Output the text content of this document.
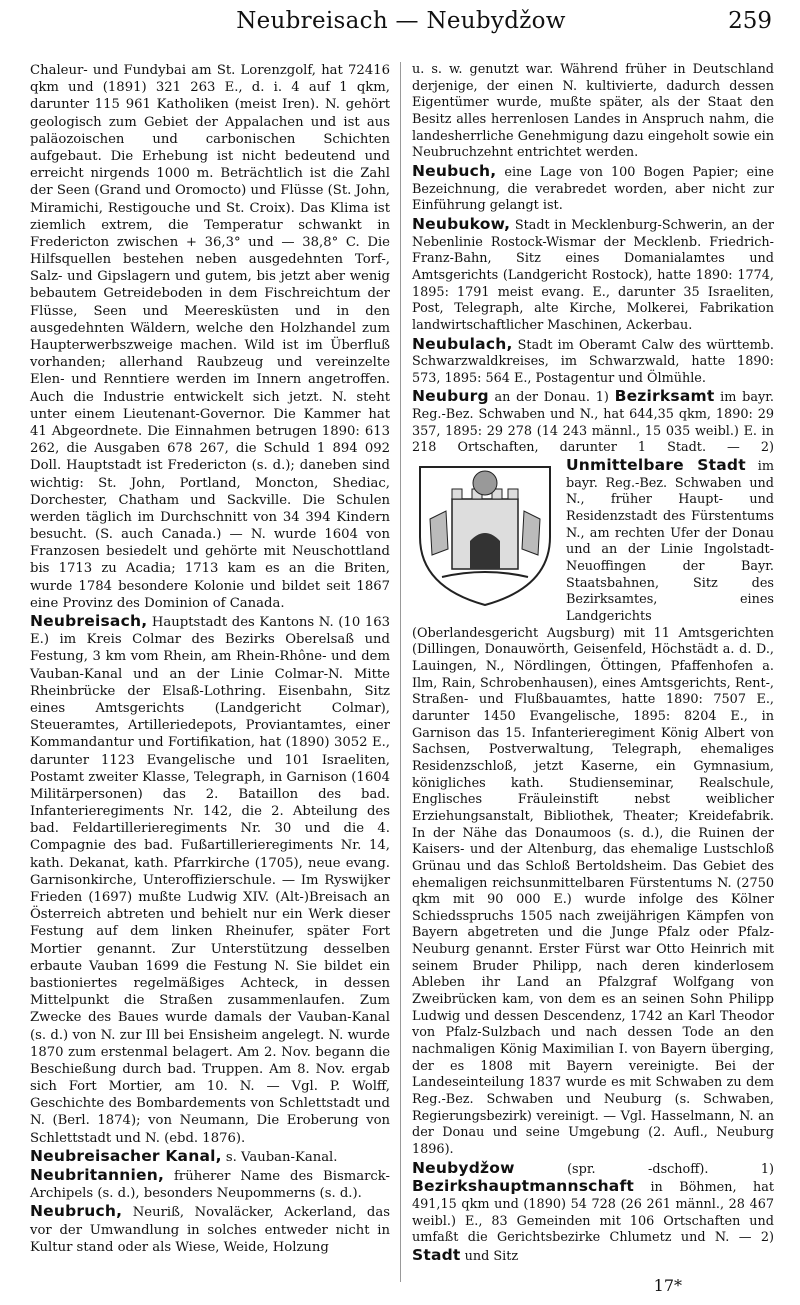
Neubreisach — Neubydžow	259

Chaleur- und Fundybai am St. Lorenzgolf, hat 72416 qkm und (1891) 321 263 E., d. i. 4 auf 1 qkm, darunter 115 961 Katholiken (meist Iren). N. gehört geologisch zum Gebiet der Appalachen und ist aus paläozoischen und carbonischen Schichten aufgebaut. Die Erhebung ist nicht bedeutend und erreicht nirgends 1000 m. Beträchtlich ist die Zahl der Seen (Grand und Oromocto) und Flüsse (St. John, Miramichi, Restigouche und St. Croix). Das Klima ist ziemlich extrem, die Temperatur schwankt in Fredericton zwischen + 36,3° und — 38,8° C. Die Hilfsquellen bestehen neben ausgedehnten Torf-, Salz- und Gipslagern und gutem, bis jetzt aber wenig bebautem Getreideboden in dem Fischreichtum der Flüsse, Seen und Meeresküsten und in den ausgedehnten Wäldern, welche den Holzhandel zum Haupterwerbszweige machen. Wild ist im Überfluß vorhanden; allerhand Raubzeug und vereinzelte Elen- und Renntiere werden im Innern angetroffen. Auch die Industrie entwickelt sich jetzt. N. steht unter einem Lieutenant-Governor. Die Kammer hat 41 Abgeordnete. Die Einnahmen betrugen 1890: 613 262, die Ausgaben 678 267, die Schuld 1 894 092 Doll. Hauptstadt ist Fredericton (s. d.); daneben sind wichtig: St. John, Portland, Moncton, Shediac, Dorchester, Chatham und Sackville. Die Schulen werden täglich im Durchschnitt von 34 394 Kindern besucht. (S. auch Canada.) — N. wurde 1604 von Franzosen besiedelt und gehörte mit Neuschottland bis 1713 zu Acadia; 1713 kam es an die Briten, wurde 1784 besondere Kolonie und bildet seit 1867 eine Provinz des Dominion of Canada.

Neubreisach, Hauptstadt des Kantons N. (10 163 E.) im Kreis Colmar des Bezirks Oberelsaß und Festung, 3 km vom Rhein, am Rhein-Rhône- und dem Vauban-Kanal und an der Linie Colmar-N. Mitte Rheinbrücke der Elsaß-Lothring. Eisenbahn, Sitz eines Amtsgerichts (Landgericht Colmar), Steueramtes, Artilleriedepots, Proviantamtes, einer Kommandantur und Fortifikation, hat (1890) 3052 E., darunter 1123 Evangelische und 101 Israeliten, Postamt zweiter Klasse, Telegraph, in Garnison (1604 Militärpersonen) das 2. Bataillon des bad. Infanterieregiments Nr. 142, die 2. Abteilung des bad. Feldartillerieregiments Nr. 30 und die 4. Compagnie des bad. Fußartillerieregiments Nr. 14, kath. Dekanat, kath. Pfarrkirche (1705), neue evang. Garnisonkirche, Unteroffizierschule. — Im Ryswijker Frieden (1697) mußte Ludwig XIV. (Alt-)Breisach an Österreich abtreten und behielt nur ein Werk dieser Festung auf dem linken Rheinufer, später Fort Mortier genannt. Zur Unterstützung desselben erbaute Vauban 1699 die Festung N. Sie bildet ein bastioniertes regelmäßiges Achteck, in dessen Mittelpunkt die Straßen zusammenlaufen. Zum Zwecke des Baues wurde damals der Vauban-Kanal (s. d.) von N. zur Ill bei Ensisheim angelegt. N. wurde 1870 zum erstenmal belagert. Am 2. Nov. begann die Beschießung durch bad. Truppen. Am 8. Nov. ergab sich Fort Mortier, am 10. N. — Vgl. P. Wolff, Geschichte des Bombardements von Schlettstadt und N. (Berl. 1874); von Neumann, Die Eroberung von Schlettstadt und N. (ebd. 1876).

Neubreisacher Kanal, s. Vauban-Kanal.

Neubritannien, früherer Name des Bismarck-Archipels (s. d.), besonders Neupommerns (s. d.).

Neubruch, Neuriß, Novaläcker, Ackerland, das vor der Umwandlung in solches entweder nicht in Kultur stand oder als Wiese, Weide, Holzung

u. s. w. genutzt war. Während früher in Deutschland derjenige, der einen N. kultivierte, dadurch dessen Eigentümer wurde, mußte später, als der Staat den Besitz alles herrenlosen Landes in Anspruch nahm, die landesherrliche Genehmigung dazu eingeholt sowie ein Neubruchzehnt entrichtet werden.

Neubuch, eine Lage von 100 Bogen Papier; eine Bezeichnung, die verabredet worden, aber nicht zur Einführung gelangt ist.

Neubukow, Stadt in Mecklenburg-Schwerin, an der Nebenlinie Rostock-Wismar der Mecklenb. Friedrich-Franz-Bahn, Sitz eines Domanialamtes und Amtsgerichts (Landgericht Rostock), hatte 1890: 1774, 1895: 1791 meist evang. E., darunter 35 Israeliten, Post, Telegraph, alte Kirche, Molkerei, Fabrikation landwirtschaftlicher Maschinen, Ackerbau.

Neubulach, Stadt im Oberamt Calw des württemb. Schwarzwaldkreises, im Schwarzwald, hatte 1890: 573, 1895: 564 E., Postagentur und Ölmühle.

Neuburg an der Donau. 1) Bezirksamt im bayr. Reg.-Bez. Schwaben und N., hat 644,35 qkm, 1890: 29 357, 1895: 29 278 (14 243 männl., 15 035 weibl.) E. in 218 Ortschaften, darunter 1 Stadt. — 2) Unmittelbare Stadt
im bayr. Reg.-Bez. Schwaben und N., früher Haupt- und Residenzstadt des Fürstentums N., am rechten Ufer der Donau und an der Linie Ingolstadt-Neuoffingen der Bayr. Staatsbahnen, Sitz des Bezirksamtes, eines Landgerichts (Oberlandesgericht Augsburg) mit 11 Amtsgerichten (Dillingen, Donauwörth, Geisenfeld, Höchstädt a. d. D., Lauingen, N., Nördlingen, Öttingen, Pfaffenhofen a. Ilm, Rain, Schrobenhausen), eines Amtsgerichts, Rent-, Straßen- und Flußbauamtes, hatte 1890: 7507 E., darunter 1450 Evangelische, 1895: 8204 E., in Garnison das 15. Infanterieregiment König Albert von Sachsen, Postverwaltung, Telegraph, ehemaliges Residenzschloß, jetzt Kaserne, ein Gymnasium, königliches kath. Studienseminar, Realschule, Englisches Fräuleinstift nebst weiblicher Erziehungsanstalt, Bibliothek, Theater; Kreidefabrik. In der Nähe das Donaumoos (s. d.), die Ruinen der Kaisers- und der Altenburg, das ehemalige Lustschloß Grünau und das Schloß Bertoldsheim. Das Gebiet des ehemaligen reichsunmittelbaren Fürstentums N. (2750 qkm mit 90 000 E.) wurde infolge des Kölner Schiedsspruchs 1505 nach zweijährigen Kämpfen von Bayern abgetreten und die Junge Pfalz oder Pfalz-Neuburg genannt. Erster Fürst war Otto Heinrich mit seinem Bruder Philipp, nach deren kinderlosem Ableben ihr Land an Pfalzgraf Wolfgang von Zweibrücken kam, von dem es an seinen Sohn Philipp Ludwig und dessen Descendenz, 1742 an Karl Theodor von Pfalz-Sulzbach und nach dessen Tode an den nachmaligen König Maximilian I. von Bayern überging, der es 1808 mit Bayern vereinigte. Bei der Landeseinteilung 1837 wurde es mit Schwaben zu dem Reg.-Bez. Schwaben und Neuburg (s. Schwaben, Regierungsbezirk) vereinigt. — Vgl. Hasselmann, N. an der Donau und seine Umgebung (2. Aufl., Neuburg 1896).

Neubydžow (spr. -dschoff). 1) Bezirkshauptmannschaft in Böhmen, hat 491,15 qkm und (1890) 54 728 (26 261 männl., 28 467 weibl.) E., 83 Gemeinden mit 106 Ortschaften und umfaßt die Gerichtsbezirke Chlumetz und N. — 2) Stadt und Sitz

17*
